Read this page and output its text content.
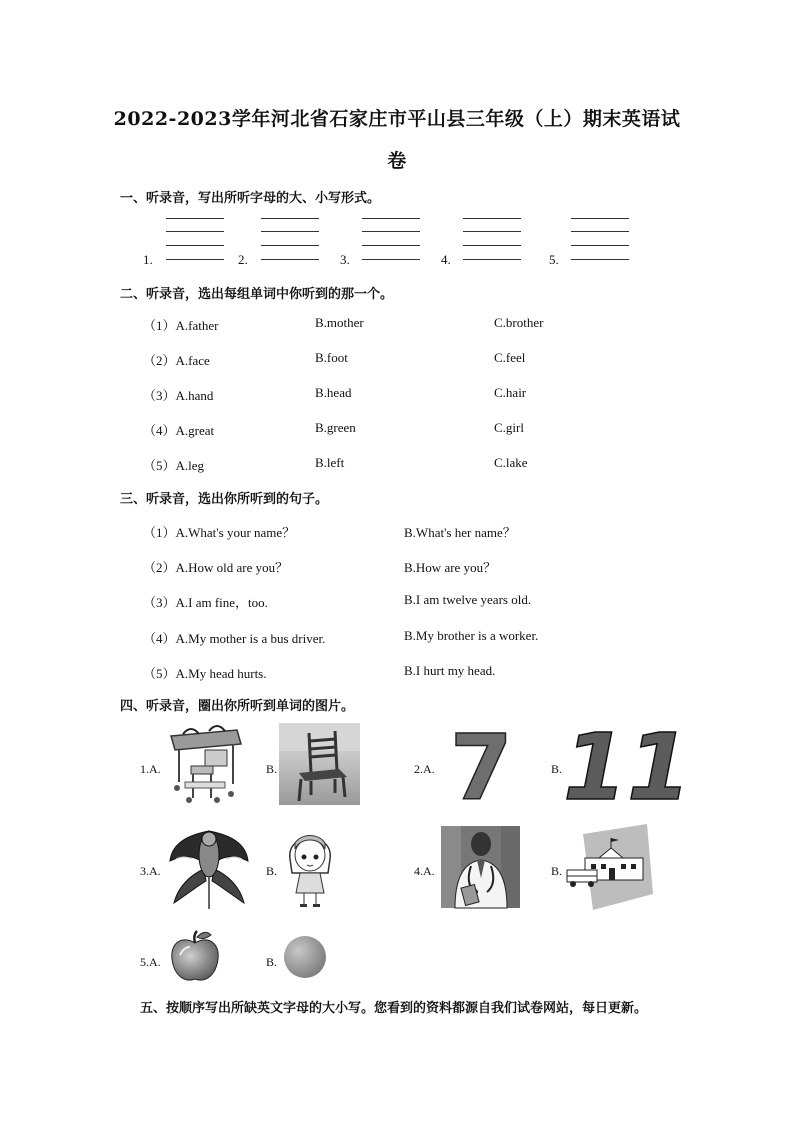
2022-2023学年河北省石家庄市平山县三年级（上）期末英语试
卷
一、听录音，写出所听字母的大、小写形式。
1.	2.	3.	4.	5.
二、听录音，选出每组单词中你听到的那一个。
（1）A.father	B.mother	C.brother
（2）A.face	B.foot	C.feel
（3）A.hand	B.head	C.hair
（4）A.great	B.green	C.girl
（5）A.leg	B.left	C.lake
三、听录音，选出你所听到的句子。
（1）A.What's your name？	B.What's her name？
（2）A.How old are you？	B.How are you？
（3）A.I am fine，too.	B.I am twelve years old.
（4）A.My mother is a bus driver.	B.My brother is a worker.
（5）A.My head hurts.	B.I hurt my head.
四、听录音，圈出你所听到单词的图片。
1.A.	B.	2.A. 7	B. 11
3.A.	B.	4.A.	B.
5.A.	B.
五、按顺序写出所缺英文字母的大小写。您看到的资料都源自我们试卷网站，每日更新。
